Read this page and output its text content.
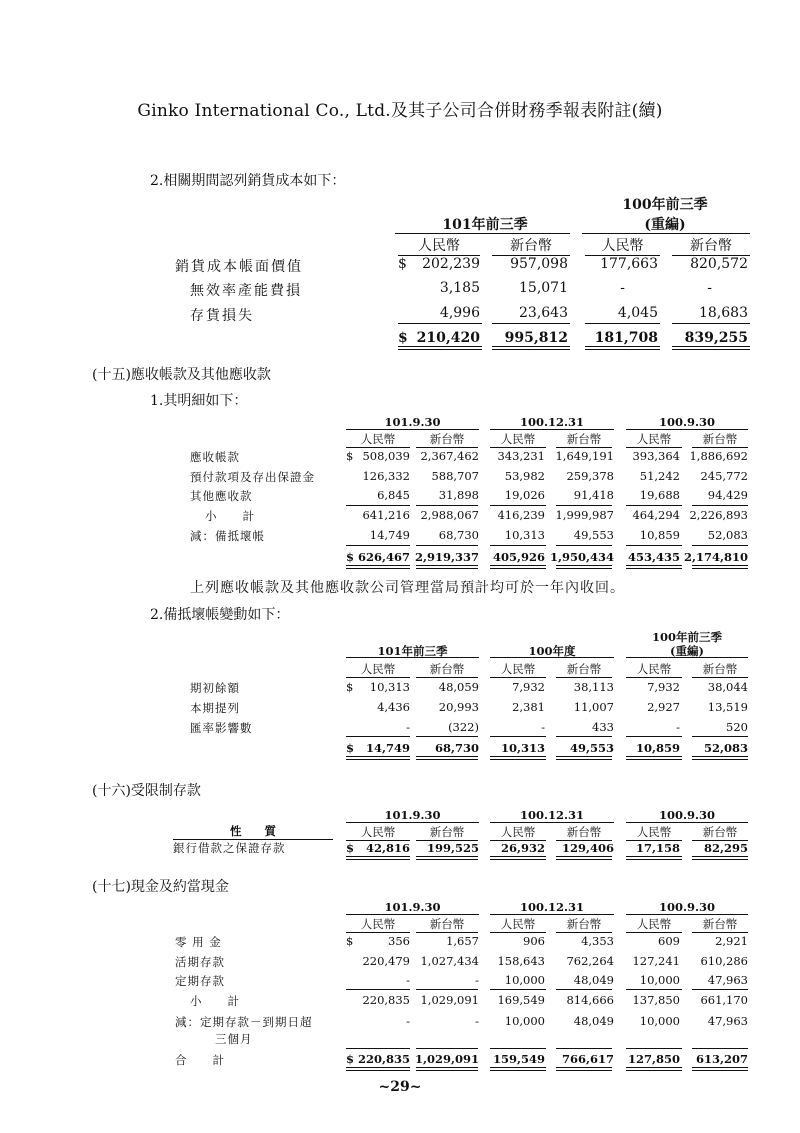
Ginko International Co., Ltd.及其子公司合併財務季報表附註(續)
2.相關期間認列銷貨成本如下：
101年前三季
100年前三季
(重編)
人民幣	新台幣	人民幣	新台幣
銷貨成本帳面價值	$	202,239	957,098	177,663	820,572
無效率產能費損	3,185	15,071	-	-
存貨損失	4,996	23,643	4,045	18,683
$ 210,420	995,812	181,708	839,255
(十五)應收帳款及其他應收款
1.其明細如下：
101.9.30	100.12.31	100.9.30
人民幣	新台幣	人民幣	新台幣	人民幣	新台幣
應收帳款	508,039 2,367,462	343,231 1,649,191	393,364 1,886,692
預付款項及存出保證金	126,332	588,707	53,982	259,378	51,242	245,772
其他應收款	6,845	31,898	19,026	91,418	19,688	94,429
小　　計	641,216 2,988,067	416,239 1,999,987	464,294 2,226,893
減：備抵壞帳	14,749	68,730	10,313	49,553	10,859	52,083
$
$ 626,467 2,919,337	405,926 1,950,434	453,435 2,174,810
101年前三季	100年度
100年前三季
(重編)
人民幣	新台幣	人民幣	新台幣	人民幣	新台幣
期初餘額	10,313	48,059	7,932	38,113	7,932	38,044
本期提列	4,436	20,993	2,381	11,007	2,927	13,519
匯率影響數	-	(322)	-	433	-	520
$
$	14,749	68,730	10,313	49,553	10,859	52,083
101.9.30	100.12.31	100.9.30
人民幣	新台幣	人民幣	新台幣	人民幣	新台幣
性　　質
銀行借款之保證存款	$	42,816	199,525	26,932	129,406	17,158	82,295
101.9.30	100.12.31	100.9.30
人民幣	新台幣	人民幣	新台幣	人民幣	新台幣
零 用 金	356	1,657	906	4,353	609	2,921
活期存款	220,479 1,027,434	158,643	762,264	127,241	610,286
定期存款	-	-	10,000	48,049	10,000	47,963
小　　計	220,835 1,029,091	169,549	814,666	137,850	661,170
減：定期存款－到期日超	-	-	10,000	48,049	10,000	47,963
三個月
$
合　　計	$ 220,835 1,029,091	159,549	766,617	127,850	613,207
上列應收帳款及其他應收款公司管理當局預計均可於一年內收回。
2.備抵壞帳變動如下：
(十六)受限制存款
(十七)現金及約當現金
~29~
